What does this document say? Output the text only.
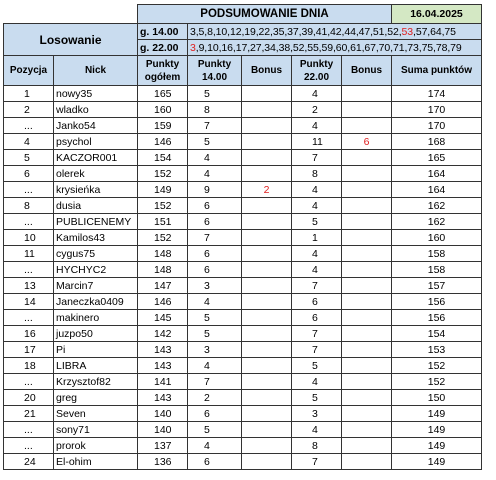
		PODSUMOWANIE DNIA					16.04.2025
Losowanie		g. 14.00	3,5,8,10,12,19,22,35,37,39,41,42,44,47,51,52,53,57,64,75				
		g. 22.00	3,9,10,16,17,27,34,38,52,55,59,60,61,67,70,71,73,75,78,79				
Pozycja	Nick	Punkty ogółem	Punkty 14.00	Bonus	Punkty 22.00	Bonus	Suma punktów
1	nowy35	165	5		4		174
2	wladko	160	8		2		170
...	Janko54	159	7		4		170
4	psychol	146	5		11	6	168
5	KACZOR001	154	4		7		165
6	olerek	152	4		8		164
...	krysieńka	149	9	2	4		164
8	dusia	152	6		4		162
...	PUBLICENEMY	151	6		5		162
10	Kamilos43	152	7		1		160
11	cygus75	148	6		4		158
...	HYCHYC2	148	6		4		158
13	Marcin7	147	3		7		157
14	Janeczka0409	146	4		6		156
...	makinero	145	5		6		156
16	juzpo50	142	5		7		154
17	Pi	143	3		7		153
18	LIBRA	143	4		5		152
...	Krzysztof82	141	7		4		152
20	greg	143	2		5		150
21	Seven	140	6		3		149
...	sony71	140	5		4		149
...	prorok	137	4		8		149
24	El-ohim	136	6		7		149
